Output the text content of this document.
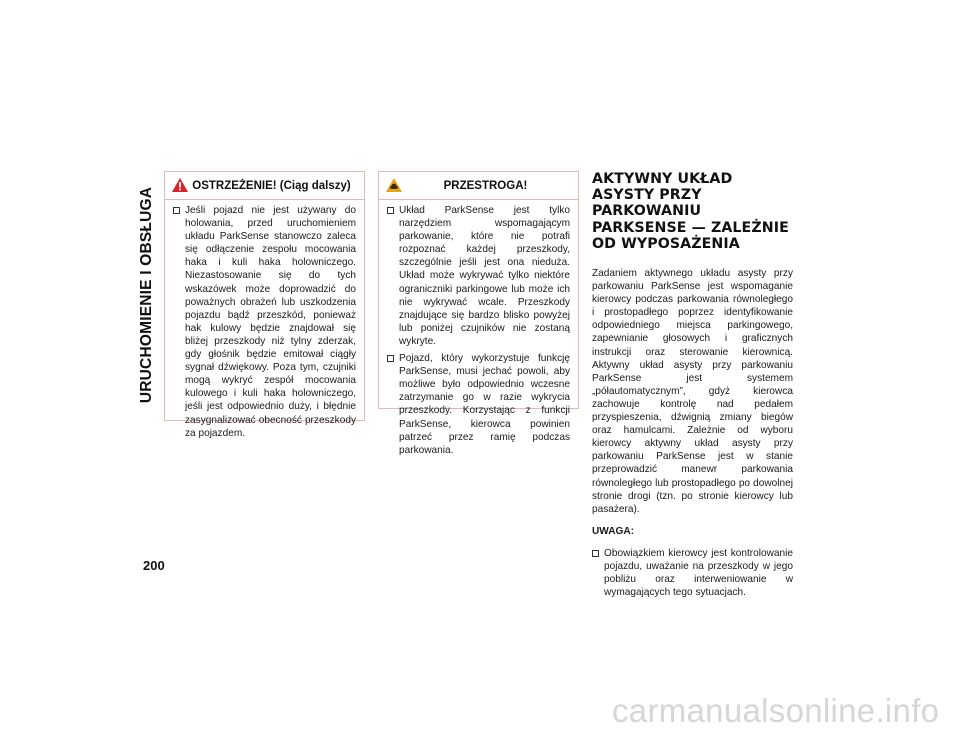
URUCHOMIENIE I OBSŁUGA
200
OSTRZEŻENIE! (Ciąg dalszy)
Jeśli pojazd nie jest używany do holowania, przed uruchomieniem układu ParkSense stanowczo zaleca się odłączenie zespołu mocowania haka i kuli haka holowniczego. Niezastosowanie się do tych wskazówek może doprowadzić do poważnych obrażeń lub uszkodzenia pojazdu bądź przeszkód, ponieważ hak kulowy będzie znajdował się bliżej przeszkody niż tylny zderzak, gdy głośnik będzie emitował ciągły sygnał dźwiękowy. Poza tym, czujniki mogą wykryć zespół mocowania kulowego i kuli haka holowniczego, jeśli jest odpowiednio duży, i błędnie zasygnalizować obecność przeszkody za pojazdem.
PRZESTROGA!
Układ ParkSense jest tylko narzędziem wspomagającym parkowanie, które nie potrafi rozpoznać każdej przeszkody, szczególnie jeśli jest ona nieduża. Układ może wykrywać tylko niektóre ograniczniki parkingowe lub może ich nie wykrywać wcale. Przeszkody znajdujące się bardzo blisko powyżej lub poniżej czujników nie zostaną wykryte.
Pojazd, który wykorzystuje funkcję ParkSense, musi jechać powoli, aby możliwe było odpowiednio wczesne zatrzymanie go w razie wykrycia przeszkody. Korzystając z funkcji ParkSense, kierowca powinien patrzeć przez ramię podczas parkowania.
AKTYWNY UKŁAD ASYSTY PRZY PARKOWANIU PARKSENSE — ZALEŻNIE OD WYPOSAŻENIA

Zadaniem aktywnego układu asysty przy parkowaniu ParkSense jest wspomaganie kierowcy podczas parkowania równoległego i prostopadłego poprzez identyfikowanie odpowiedniego miejsca parkingowego, zapewnianie głosowych i graficznych instrukcji oraz sterowanie kierownicą. Aktywny układ asysty przy parkowaniu ParkSense jest systemem „półautomatycznym”, gdyż kierowca zachowuje kontrolę nad pedałem przyspieszenia, dźwignią zmiany biegów oraz hamulcami. Zależnie od wyboru kierowcy aktywny układ asysty przy parkowaniu ParkSense jest w stanie przeprowadzić manewr parkowania równoległego lub prostopadłego po dowolnej stronie drogi (tzn. po stronie kierowcy lub pasażera).

UWAGA:
Obowiązkiem kierowcy jest kontrolowanie pojazdu, uważanie na przeszkody w jego pobliżu oraz interweniowanie w wymagających tego sytuacjach.
carmanualsonline.info
